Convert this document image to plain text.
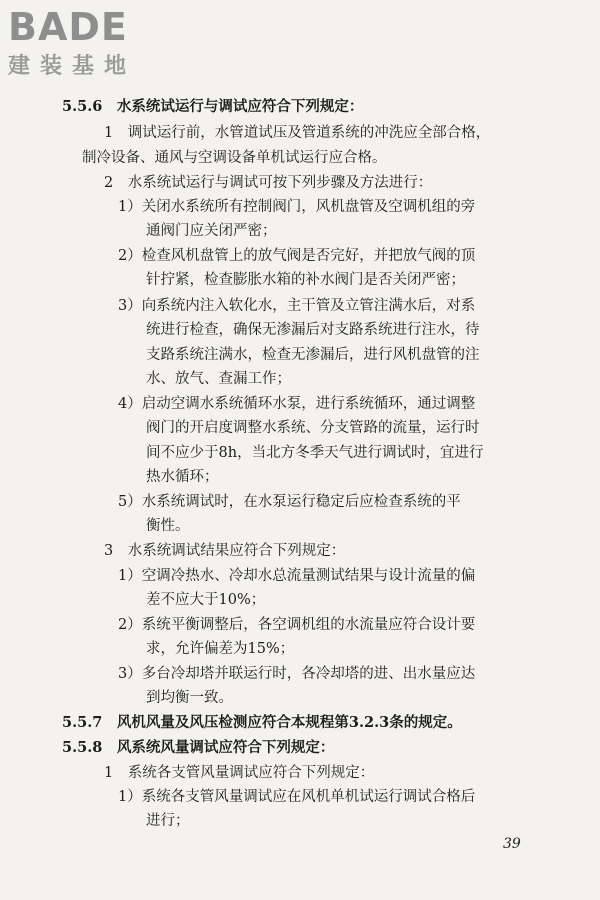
BADE
建装基地
5.5.6　水系统试运行与调试应符合下列规定：
1　调试运行前，水管道试压及管道系统的冲洗应全部合格，
制冷设备、通风与空调设备单机试运行应合格。
2　水系统试运行与调试可按下列步骤及方法进行：
1）关闭水系统所有控制阀门，风机盘管及空调机组的旁
通阀门应关闭严密；
2）检查风机盘管上的放气阀是否完好，并把放气阀的顶
针拧紧，检查膨胀水箱的补水阀门是否关闭严密；
3）向系统内注入软化水，主干管及立管注满水后，对系
统进行检查，确保无渗漏后对支路系统进行注水，待
支路系统注满水，检查无渗漏后，进行风机盘管的注
水、放气、查漏工作；
4）启动空调水系统循环水泵，进行系统循环，通过调整
阀门的开启度调整水系统、分支管路的流量，运行时
间不应少于8h，当北方冬季天气进行调试时，宜进行
热水循环；
5）水系统调试时，在水泵运行稳定后应检查系统的平
衡性。
3　水系统调试结果应符合下列规定：
1）空调冷热水、冷却水总流量测试结果与设计流量的偏
差不应大于10%；
2）系统平衡调整后，各空调机组的水流量应符合设计要
求，允许偏差为15%；
3）多台冷却塔并联运行时，各冷却塔的进、出水量应达
到均衡一致。
5.5.7　风机风量及风压检测应符合本规程第3.2.3条的规定。
5.5.8　风系统风量调试应符合下列规定：
1　系统各支管风量调试应符合下列规定：
1）系统各支管风量调试应在风机单机试运行调试合格后
进行；
39
